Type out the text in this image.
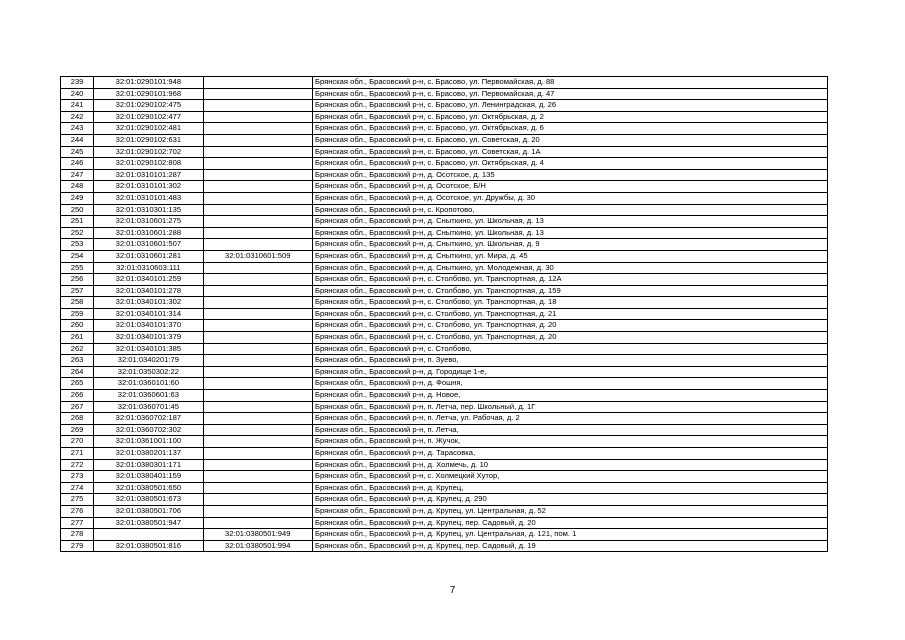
239	32:01:0290101:948		Брянская обл., Брасовский р-н, с. Брасово, ул. Первомайская, д. 88
240	32:01:0290101:968		Брянская обл., Брасовский р-н, с. Брасово, ул. Первомайская, д. 47
241	32:01:0290102:475		Брянская обл., Брасовский р-н, с. Брасово, ул. Ленинградская, д. 26
242	32:01:0290102:477		Брянская обл., Брасовский р-н, с. Брасово, ул. Октябрьская, д. 2
243	32:01:0290102:481		Брянская обл., Брасовский р-н, с. Брасово, ул. Октябрьская, д. 6
244	32:01:0290102:631		Брянская обл., Брасовский р-н, с. Брасово, ул. Советская, д. 20
245	32:01:0290102:702		Брянская обл., Брасовский р-н, с. Брасово, ул. Советская, д. 1А
246	32:01:0290102:808		Брянская обл., Брасовский р-н, с. Брасово, ул. Октябрьская, д. 4
247	32:01:0310101:287		Брянская обл., Брасовский р-н, д. Осотское, д. 135
248	32:01:0310101:302		Брянская обл., Брасовский р-н, д. Осотское, Б/Н
249	32:01:0310101:483		Брянская обл., Брасовский р-н, д. Осотское, ул. Дружбы, д. 30
250	32:01:0310301:135		Брянская обл., Брасовский р-н, с. Кропотово,
251	32:01:0310601:275		Брянская обл., Брасовский р-н, д. Сныткино, ул. Школьная, д. 13
252	32:01:0310601:288		Брянская обл., Брасовский р-н, д. Сныткино, ул. Школьная, д. 13
253	32:01:0310601:507		Брянская обл., Брасовский р-н, д. Сныткино, ул. Школьная, д. 9
254	32:01:0310601:281	32:01:0310601:509	Брянская обл., Брасовский р-н, д. Сныткино, ул. Мира, д. 45
255	32:01:0310603:111		Брянская обл., Брасовский р-н, д. Сныткино, ул. Молодежная, д. 30
256	32:01:0340101:259		Брянская обл., Брасовский р-н, с. Столбово, ул. Транспортная, д. 12А
257	32:01:0340101:278		Брянская обл., Брасовский р-н, с. Столбово, ул. Транспортная, д. 159
258	32:01:0340101:302		Брянская обл., Брасовский р-н, с. Столбово, ул. Транспортная, д. 18
259	32:01:0340101:314		Брянская обл., Брасовский р-н, с. Столбово, ул. Транспортная, д. 21
260	32:01:0340101:370		Брянская обл., Брасовский р-н, с. Столбово, ул. Транспортная, д. 20
261	32:01:0340101:379		Брянская обл., Брасовский р-н, с. Столбово, ул. Транспортная, д. 20
262	32:01:0340101:385		Брянская обл., Брасовский р-н, с. Столбово,
263	32:01:0340201:79		Брянская обл., Брасовский р-н, п. Зуево,
264	32:01:0350302:22		Брянская обл., Брасовский р-н, д. Городище 1-е,
265	32:01:0360101:60		Брянская обл., Брасовский р-н, д. Фошня,
266	32:01:0360601:63		Брянская обл., Брасовский р-н, д. Новое,
267	32:01:0360701:45		Брянская обл., Брасовский р-н, п. Летча, пер. Школьный, д. 1Г
268	32:01:0360702:187		Брянская обл., Брасовский р-н, п. Летча, ул. Рабочая, д. 2
269	32:01:0360702:302		Брянская обл., Брасовский р-н, п. Летча,
270	32:01:0361001:100		Брянская обл., Брасовский р-н, п. Жучок,
271	32:01:0380201:137		Брянская обл., Брасовский р-н, д. Тарасовка,
272	32:01:0380301:171		Брянская обл., Брасовский р-н, д. Холмечь, д. 10
273	32:01:0380401:159		Брянская обл., Брасовский р-н, с. Холмецкий Хутор,
274	32:01:0380501:650		Брянская обл., Брасовский р-н, д. Крупец,
275	32:01:0380501:673		Брянская обл., Брасовский р-н, д. Крупец, д. 290
276	32:01:0380501:706		Брянская обл., Брасовский р-н, д. Крупец, ул. Центральная, д. 52
277	32:01:0380501:947		Брянская обл., Брасовский р-н, д. Крупец, пер. Садовый, д. 20
278		32:01:0380501:949	Брянская обл., Брасовский р-н, д. Крупец, ул. Центральная, д. 121, пом. 1
279	32:01:0380501:816	32:01:0380501:994	Брянская обл., Брасовский р-н, д. Крупец, пер. Садовый, д. 19
7
